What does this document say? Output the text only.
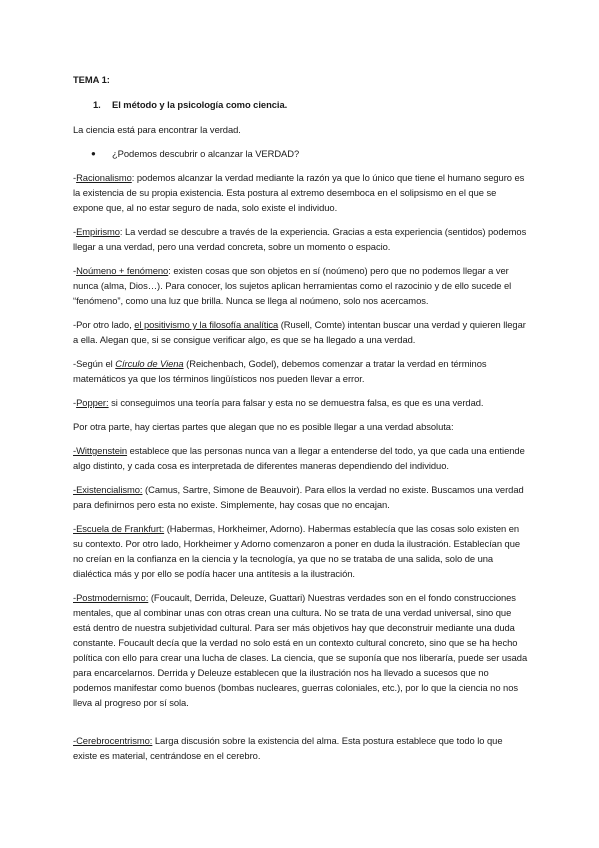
TEMA 1:
1.	El método y la psicología como ciencia.
La ciencia está para encontrar la verdad.
●	¿Podemos descubrir o alcanzar la VERDAD?
-Racionalismo: podemos alcanzar la verdad mediante la razón ya que lo único que tiene el humano seguro es la existencia de su propia existencia. Esta postura al extremo desemboca en el solipsismo en el que se expone que, al no estar seguro de nada, solo existe el individuo.
-Empirismo: La verdad se descubre a través de la experiencia. Gracias a esta experiencia (sentidos) podemos llegar a una verdad, pero una verdad concreta, sobre un momento o espacio.
-Noúmeno + fenómeno: existen cosas que son objetos en sí (noúmeno) pero que no podemos llegar a ver nunca (alma, Dios…). Para conocer, los sujetos aplican herramientas como el razocinio y de ello sucede el “fenómeno”, como una luz que brilla. Nunca se llega al noúmeno, solo nos acercamos.
-Por otro lado, el positivismo y la filosofía analítica (Rusell, Comte) intentan buscar una verdad y quieren llegar a ella. Alegan que, si se consigue verificar algo, es que se ha llegado a una verdad.
-Según el Círculo de Viena (Reichenbach, Godel), debemos comenzar a tratar la verdad en términos matemáticos ya que los términos lingüísticos nos pueden llevar a error.
-Popper: si conseguimos una teoría para falsar y esta no se demuestra falsa, es que es una verdad.
Por otra parte, hay ciertas partes que alegan que no es posible llegar a una verdad absoluta:
-Wittgenstein establece que las personas nunca van a llegar a entenderse del todo, ya que cada una entiende algo distinto, y cada cosa es interpretada de diferentes maneras dependiendo del individuo.
-Existencialismo: (Camus, Sartre, Simone de Beauvoir). Para ellos la verdad no existe. Buscamos una verdad para definirnos pero esta no existe. Simplemente, hay cosas que no encajan.
-Escuela de Frankfurt: (Habermas, Horkheimer, Adorno). Habermas establecía que las cosas solo existen en su contexto. Por otro lado, Horkheimer y Adorno comenzaron a poner en duda la ilustración. Establecían que no creían en la confianza en la ciencia y la tecnología, ya que no se trataba de una salida, solo de una dialéctica más y por ello se podía hacer una antítesis a la ilustración.
-Postmodernismo: (Foucault, Derrida, Deleuze, Guattari) Nuestras verdades son en el fondo construcciones mentales, que al combinar unas con otras crean una cultura. No se trata de una verdad universal, sino que está dentro de nuestra subjetividad cultural. Para ser más objetivos hay que deconstruir mediante una duda constante. Foucault decía que la verdad no solo está en un contexto cultural concreto, sino que se ha hecho política con ello para crear una lucha de clases. La ciencia, que se suponía que nos liberaría, puede ser usada para encarcelarnos. Derrida y Deleuze establecen que la ilustración nos ha llevado a sucesos que no podemos manifestar como buenos (bombas nucleares, guerras coloniales, etc.), por lo que la ciencia no nos lleva al progreso por sí sola.
-Cerebrocentrismo: Larga discusión sobre la existencia del alma. Esta postura establece que todo lo que existe es material, centrándose en el cerebro.
